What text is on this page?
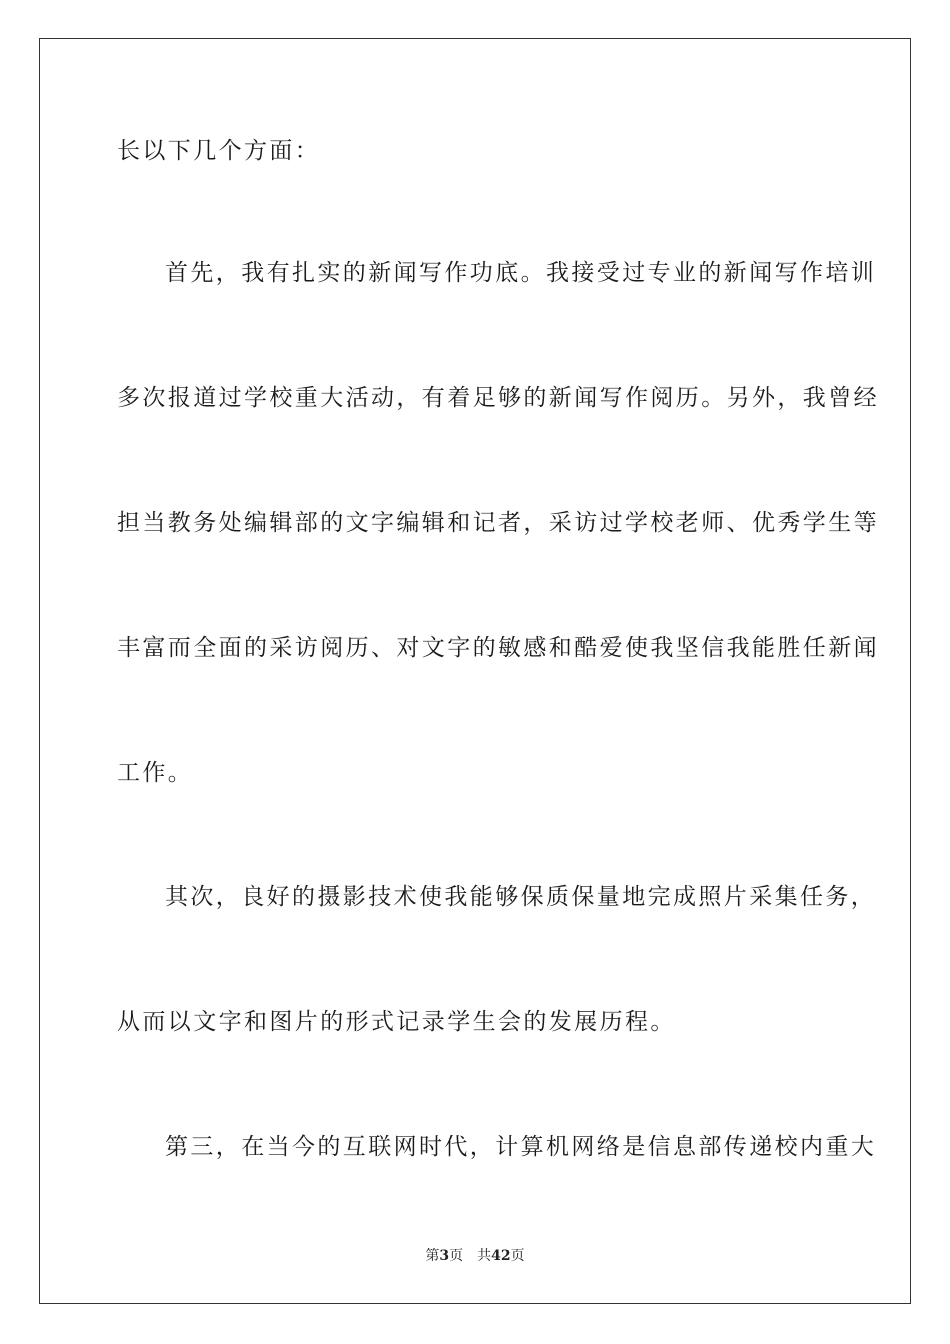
长以下几个方面：
首先，我有扎实的新闻写作功底。我接受过专业的新闻写作培训
多次报道过学校重大活动，有着足够的新闻写作阅历。另外，我曾经
担当教务处编辑部的文字编辑和记者，采访过学校老师、优秀学生等
丰富而全面的采访阅历、对文字的敏感和酷爱使我坚信我能胜任新闻
工作。
其次，良好的摄影技术使我能够保质保量地完成照片采集任务，
从而以文字和图片的形式记录学生会的发展历程。
第三，在当今的互联网时代，计算机网络是信息部传递校内重大
第3页 共42页
